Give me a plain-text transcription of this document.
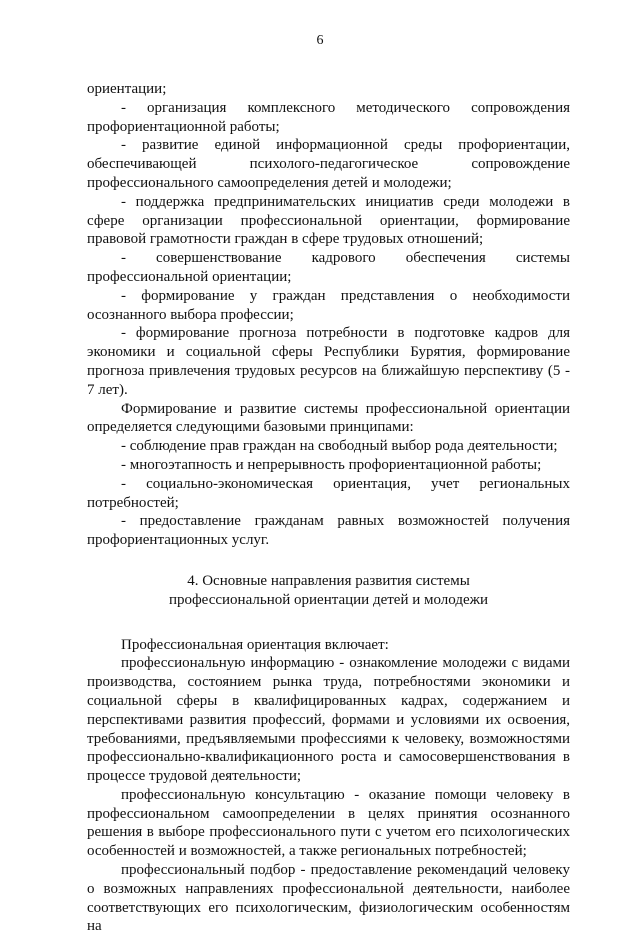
6

ориентации;

- организация комплексного методического сопровождения профориентационной работы;

- развитие единой информационной среды профориентации, обеспечивающей психолого-педагогическое сопровождение профессионального самоопределения детей и молодежи;

- поддержка предпринимательских инициатив среди молодежи в сфере организации профессиональной ориентации, формирование правовой грамотности граждан в сфере трудовых отношений;

- совершенствование кадрового обеспечения системы профессиональной ориентации;

- формирование у граждан представления о необходимости осознанного выбора профессии;

- формирование прогноза потребности в подготовке кадров для экономики и социальной сферы Республики Бурятия, формирование прогноза привлечения трудовых ресурсов на ближайшую перспективу (5 - 7 лет).

Формирование и развитие системы профессиональной ориентации определяется следующими базовыми принципами:

- соблюдение прав граждан на свободный выбор рода деятельности;

- многоэтапность и непрерывность профориентационной работы;

- социально-экономическая ориентация, учет региональных потребностей;

- предоставление гражданам равных возможностей получения профориентационных услуг.

4. Основные направления развития системы

профессиональной ориентации детей и молодежи

Профессиональная ориентация включает:

профессиональную информацию - ознакомление молодежи с видами производства, состоянием рынка труда, потребностями экономики и социальной сферы в квалифицированных кадрах, содержанием и перспективами развития профессий, формами и условиями их освоения, требованиями, предъявляемыми профессиями к человеку, возможностями профессионально-квалификационного роста и самосовершенствования в процессе трудовой деятельности;

профессиональную консультацию - оказание помощи человеку в профессиональном самоопределении в целях принятия осознанного решения в выборе профессионального пути с учетом его психологических особенностей и возможностей, а также региональных потребностей;

профессиональный подбор - предоставление рекомендаций человеку о возможных направлениях профессиональной деятельности, наиболее соответствующих его психологическим, физиологическим особенностям на
